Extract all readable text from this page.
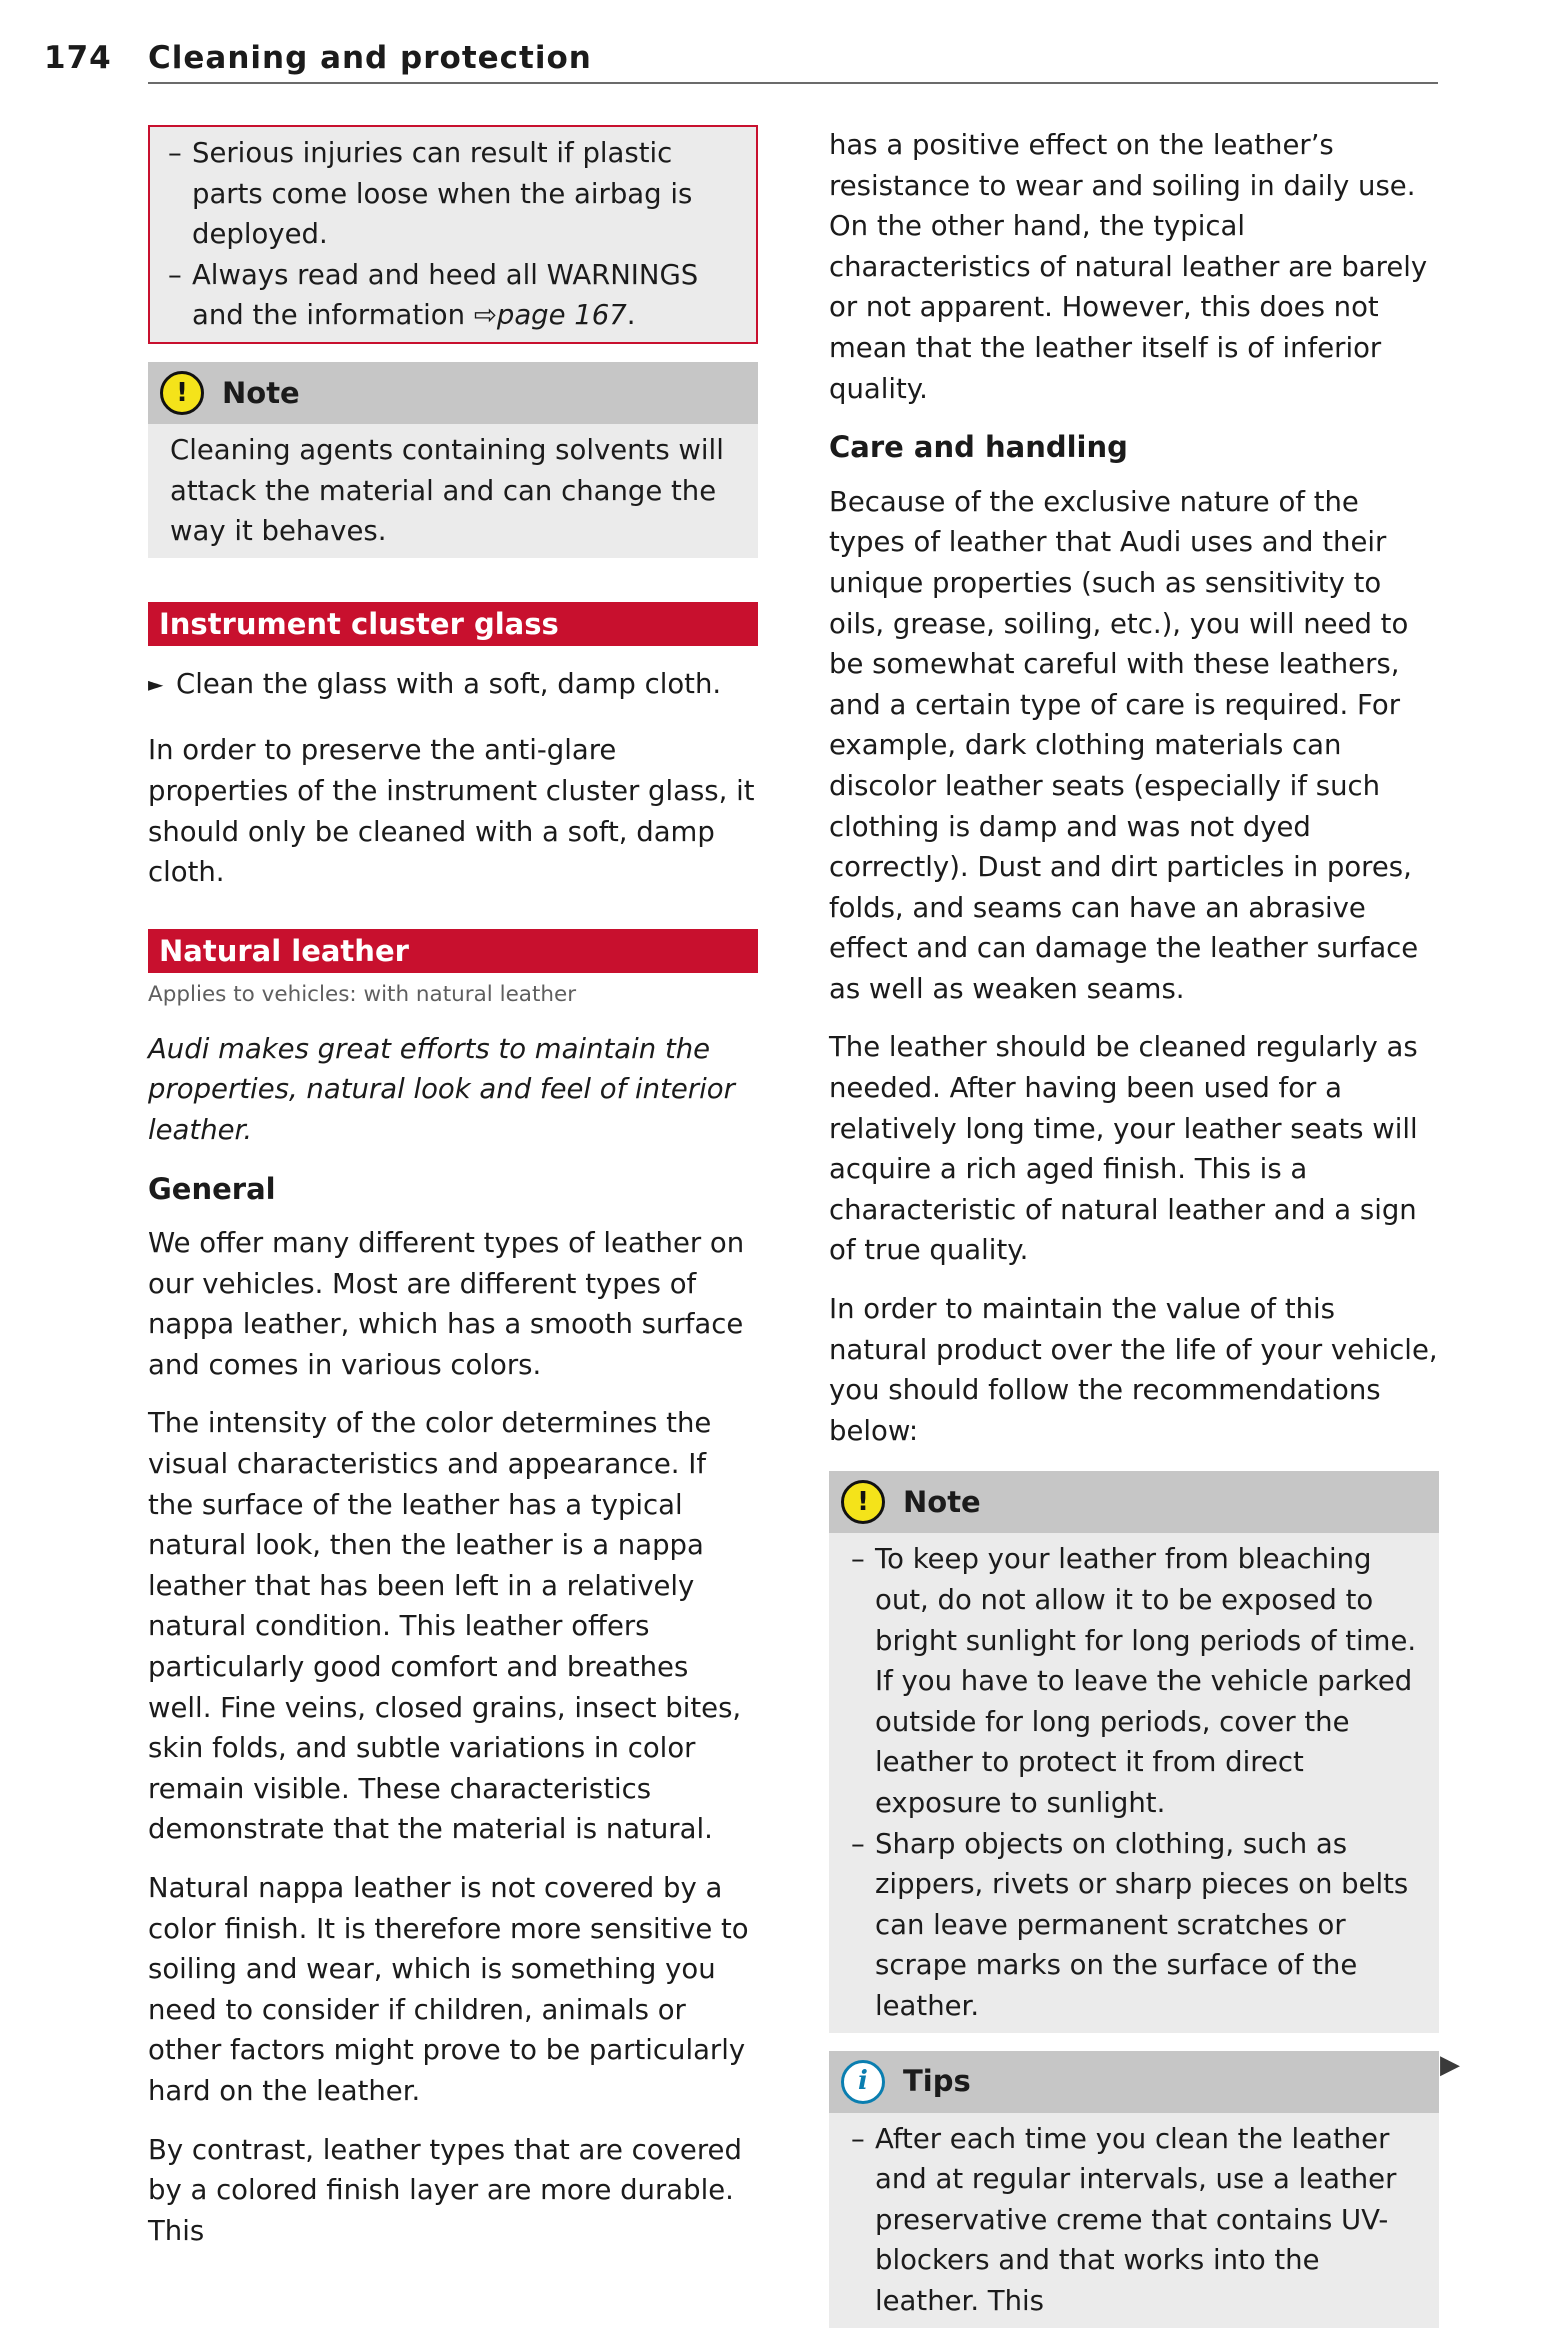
174 Cleaning and protection
– Serious injuries can result if plastic parts come loose when the airbag is deployed.
– Always read and heed all WARNINGS and the information ⇨page 167.
!	Note
Cleaning agents containing solvents will attack the material and can change the way it behaves.
Instrument cluster glass
► Clean the glass with a soft, damp cloth.

In order to preserve the anti-glare properties of the instrument cluster glass, it should only be cleaned with a soft, damp cloth.

Natural leather
Applies to vehicles: with natural leather

Audi makes great efforts to maintain the properties, natural look and feel of interior leather.

General

We offer many different types of leather on our vehicles. Most are different types of nappa leather, which has a smooth surface and comes in various colors.

The intensity of the color determines the visual characteristics and appearance. If the surface of the leather has a typical natural look, then the leather is a nappa leather that has been left in a relatively natural condition. This leather offers particularly good comfort and breathes well. Fine veins, closed grains, insect bites, skin folds, and subtle variations in color remain visible. These characteristics demonstrate that the material is natural.

Natural nappa leather is not covered by a color finish. It is therefore more sensitive to soiling and wear, which is something you need to consider if children, animals or other factors might prove to be particularly hard on the leather.

By contrast, leather types that are covered by a colored finish layer are more durable. This

has a positive effect on the leather’s resistance to wear and soiling in daily use. On the other hand, the typical characteristics of natural leather are barely or not apparent. However, this does not mean that the leather itself is of inferior quality.

Care and handling

Because of the exclusive nature of the types of leather that Audi uses and their unique properties (such as sensitivity to oils, grease, soiling, etc.), you will need to be somewhat careful with these leathers, and a certain type of care is required. For example, dark clothing materials can discolor leather seats (especially if such clothing is damp and was not dyed correctly). Dust and dirt particles in pores, folds, and seams can have an abrasive effect and can damage the leather surface as well as weaken seams.

The leather should be cleaned regularly as needed. After having been used for a relatively long time, your leather seats will acquire a rich aged finish. This is a characteristic of natural leather and a sign of true quality.

In order to maintain the value of this natural product over the life of your vehicle, you should follow the recommendations below:

!	Note
– To keep your leather from bleaching out, do not allow it to be exposed to bright sunlight for long periods of time. If you have to leave the vehicle parked outside for long periods, cover the leather to protect it from direct exposure to sunlight.
– Sharp objects on clothing, such as zippers, rivets or sharp pieces on belts can leave permanent scratches or scrape marks on the surface of the leather.
i	Tips
– After each time you clean the leather and at regular intervals, use a leather preservative creme that contains UV-blockers and that works into the leather. This
▶
